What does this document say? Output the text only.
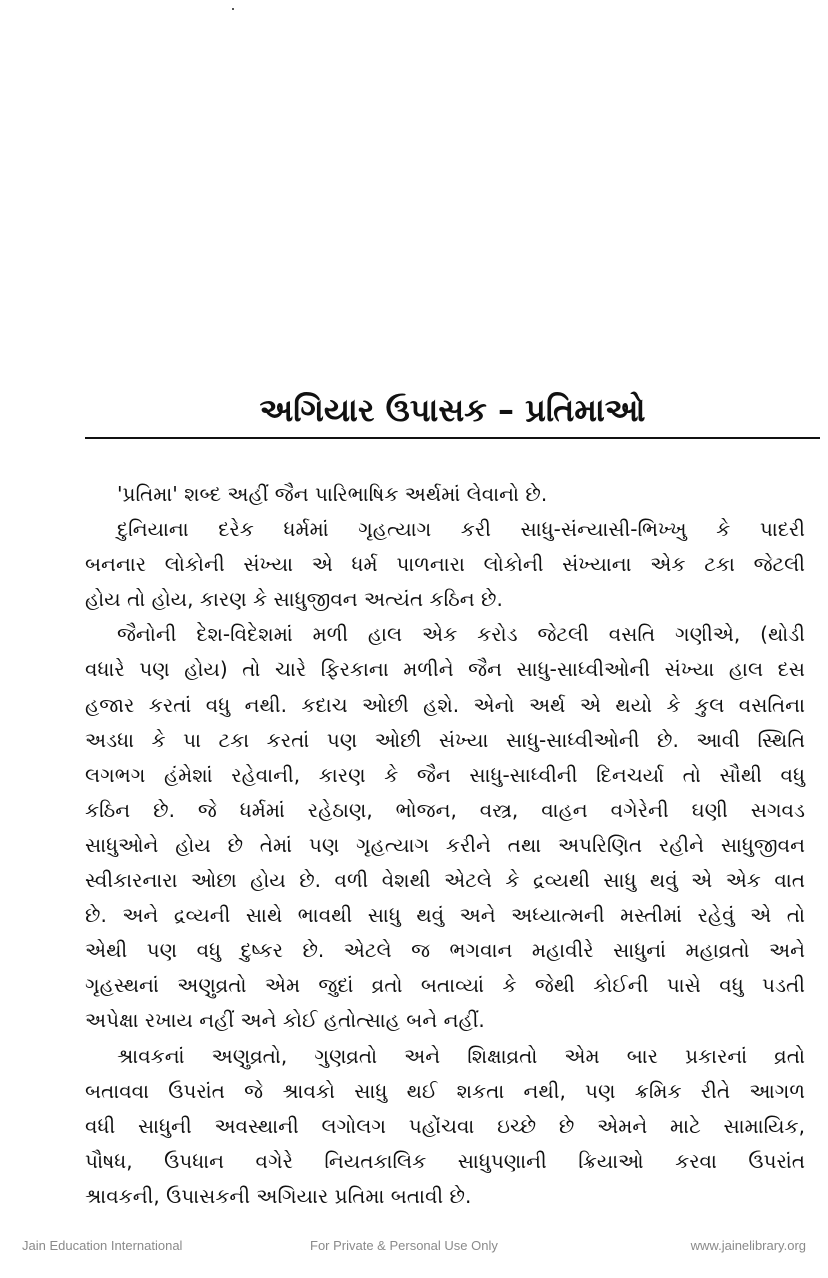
અગિયાર ઉપાસક – પ્રતિમાઓ
'પ્રતિમા' શબ્દ અહીં જૈન પારિભાષિક અર્થમાં લેવાનો છે.
દુનિયાના દરેક ધર્મમાં ગૃહત્યાગ કરી સાધુ-સંન્યાસી-ભિખ્ખુ કે પાદરી
બનનાર લોકોની સંખ્યા એ ધર્મ પાળનારા લોકોની સંખ્યાના એક ટકા જેટલી
હોય તો હોય, કારણ કે સાધુજીવન અત્યંત કઠિન છે.
જૈનોની દેશ-વિદેશમાં મળી હાલ એક કરોડ જેટલી વસતિ ગણીએ, (થોડી
વધારે પણ હોય) તો ચારે ફિરકાના મળીને જૈન સાધુ-સાધ્વીઓની સંખ્યા હાલ દસ
હજાર કરતાં વધુ નથી. કદાચ ઓછી હશે. એનો અર્થ એ થયો કે કુલ વસતિના
અડધા કે પા ટકા કરતાં પણ ઓછી સંખ્યા સાધુ-સાધ્વીઓની છે. આવી સ્થિતિ
લગભગ હંમેશાં રહેવાની, કારણ કે જૈન સાધુ-સાધ્વીની દિનચર્યા તો સૌથી વધુ
કઠિન છે. જે ધર્મમાં રહેઠાણ, ભોજન, વસ્ત્ર, વાહન વગેરેની ઘણી સગવડ
સાધુઓને હોય છે તેમાં પણ ગૃહત્યાગ કરીને તથા અપરિણિત રહીને સાધુજીવન
સ્વીકારનારા ઓછા હોય છે. વળી વેશથી એટલે કે દ્રવ્યથી સાધુ થવું એ એક વાત
છે. અને દ્રવ્યની સાથે ભાવથી સાધુ થવું અને અધ્યાત્મની મસ્તીમાં રહેવું એ તો
એથી પણ વધુ દુષ્કર છે. એટલે જ ભગવાન મહાવીરે સાધુનાં મહાવ્રતો અને
ગૃહસ્થનાં અણુવ્રતો એમ જુદાં વ્રતો બતાવ્યાં કે જેથી કોઈની પાસે વધુ પડતી
અપેક્ષા રખાય નહીં અને કોઈ હતોત્સાહ બને નહીં.
શ્રાવકનાં અણુવ્રતો, ગુણવ્રતો અને શિક્ષાવ્રતો એમ બાર પ્રકારનાં વ્રતો
બતાવવા ઉપરાંત જે શ્રાવકો સાધુ થઈ શકતા નથી, પણ ક્રમિક રીતે આગળ
વધી સાધુની અવસ્થાની લગોલગ પહોંચવા ઇચ્છે છે એમને માટે સામાયિક,
પૌષધ, ઉપધાન વગેરે નિયતકાલિક સાધુપણાની ક્રિયાઓ કરવા ઉપરાંત
શ્રાવકની, ઉપાસકની અગિયાર પ્રતિમા બતાવી છે.
Jain Education International	For Private & Personal Use Only	www.jainelibrary.org
